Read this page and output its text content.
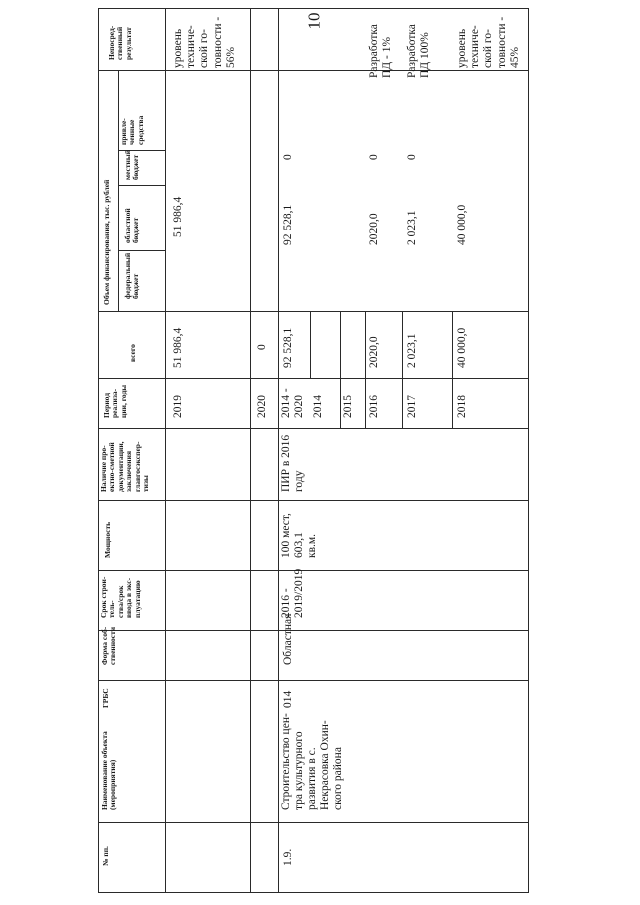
10
№ пп.
Наименование объекта (мероприятия)
ГРБС
Форма соб- ственности
Срок строи- тель- ства/срок ввода в экс- плуатацию
Мощность
Наличие про- ектно-сметной документации, заключения главгосэкспер- тизы
Период реализа- ции, годы
Объем финансирования, тыс. рублей
всего
федеральный бюджет
областной бюджет
местный бюджет
привле- ченные средства
Непосред- ственный результат
2019
51 986,4
51 986,4
уровень техниче- ской го- товности - 56%
2020
0
1.9.
Строительство цен- тра культурного развития в с. Некрасовка Охин- ского района
014
Областная
2016 - 2019/2019
100 мест, 603,1 кв.м.
ПИР в 2016 году
2014 - 2020
92 528,1
92 528,1
0
2014 2015 2016
2020,0
2020,0
0
Разработка ПД - 1%
2017
2 023,1
2 023,1
0
Разработка ПД 100%
2018
40 000,0
40 000,0
уровень техниче- ской го- товности - 45%
